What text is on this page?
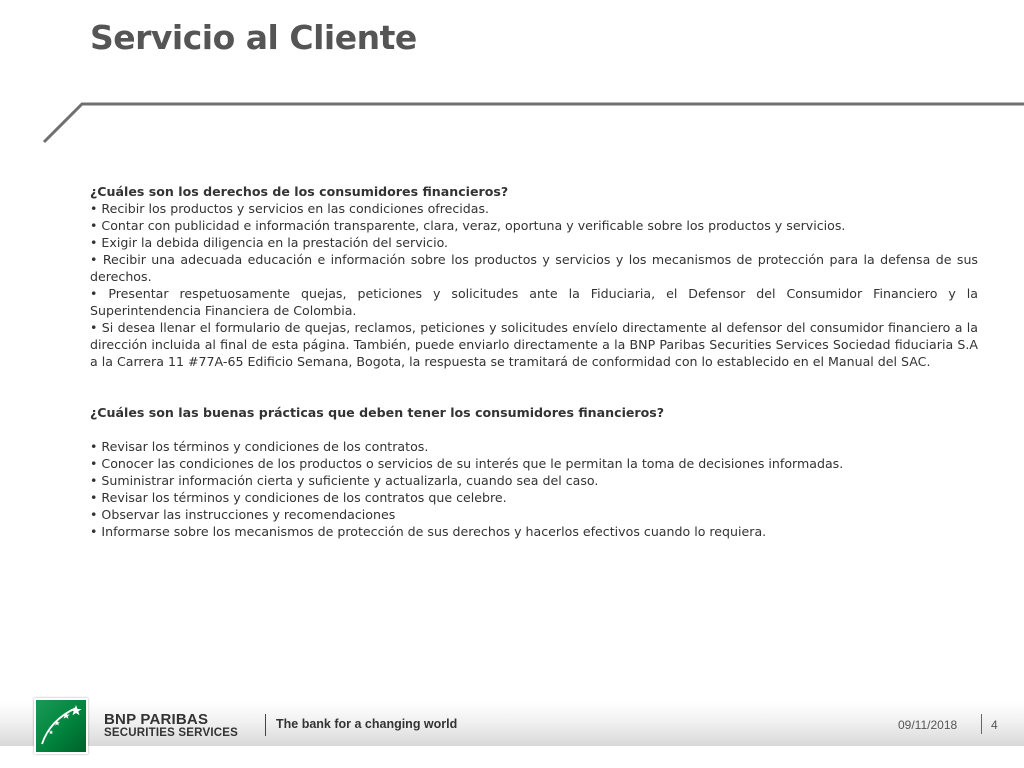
Servicio al Cliente

¿Cuáles son los derechos de los consumidores financieros?

• Recibir los productos y servicios en las condiciones ofrecidas.

• Contar con publicidad e información transparente, clara, veraz, oportuna y verificable sobre los productos y servicios.

• Exigir la debida diligencia en la prestación del servicio.

• Recibir una adecuada educación e información sobre los productos y servicios y los mecanismos de protección para la defensa de sus derechos.

• Presentar respetuosamente quejas, peticiones y solicitudes ante la Fiduciaria, el Defensor del Consumidor Financiero y la Superintendencia Financiera de Colombia.

• Si desea llenar el formulario de quejas, reclamos, peticiones y solicitudes envíelo directamente al defensor del consumidor financiero a la dirección incluida al final de esta página. También, puede enviarlo directamente a la BNP Paribas Securities Services Sociedad fiduciaria S.A a la Carrera 11 #77A-65 Edificio Semana, Bogota, la respuesta se tramitará de conformidad con lo establecido en el Manual del SAC.

¿Cuáles son las buenas prácticas que deben tener los consumidores financieros?

• Revisar los términos y condiciones de los contratos.

• Conocer las condiciones de los productos o servicios de su interés que le permitan la toma de decisiones informadas.

• Suministrar información cierta y suficiente y actualizarla, cuando sea del caso.

• Revisar los términos y condiciones de los contratos que celebre.

• Observar las instrucciones y recomendaciones

• Informarse sobre los mecanismos de protección de sus derechos y hacerlos efectivos cuando lo requiera.

BNP PARIBAS
SECURITIES SERVICES
The bank for a changing world	09/11/2018	4
